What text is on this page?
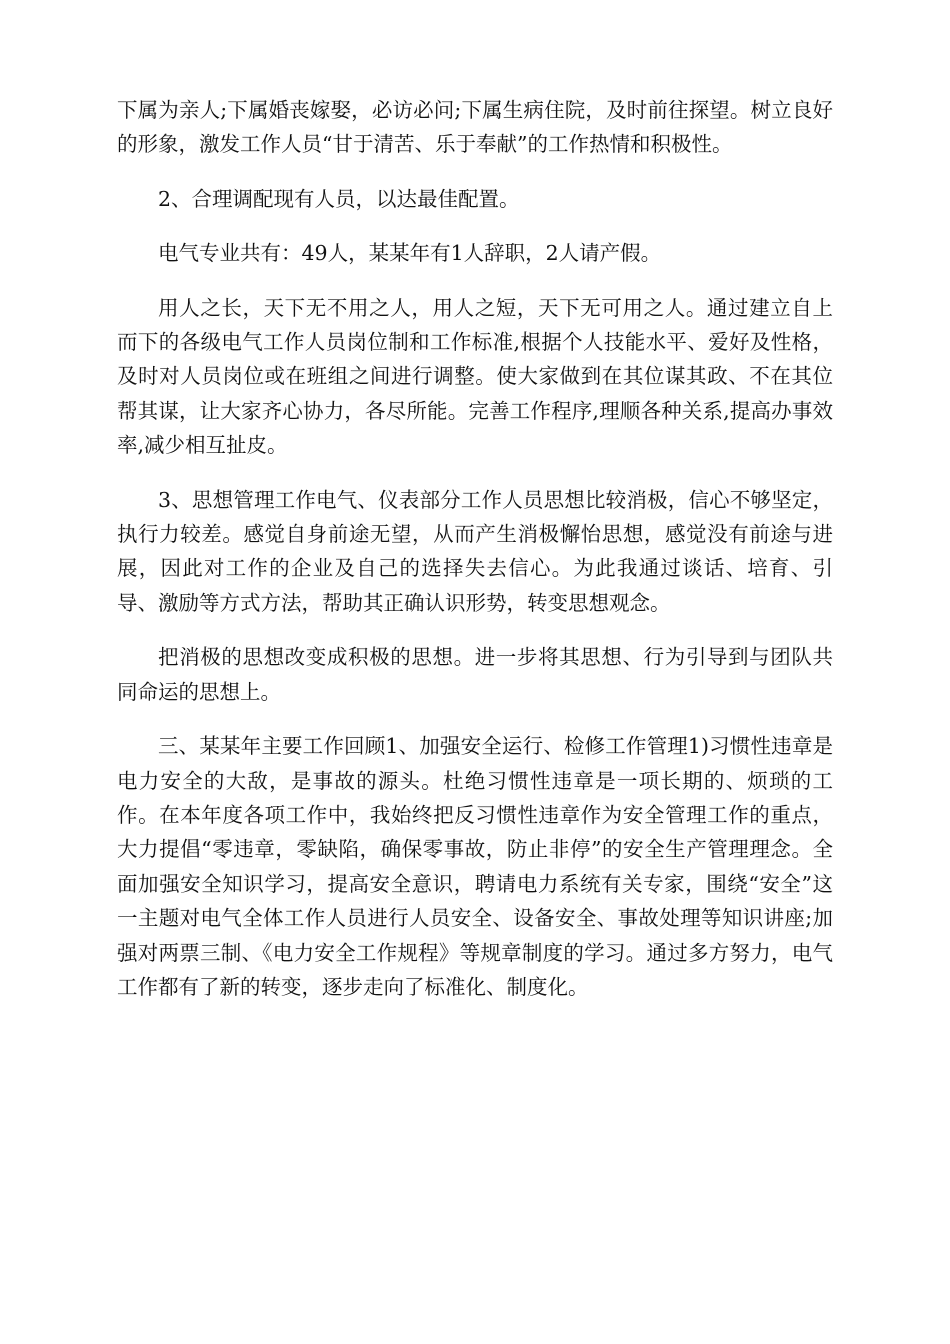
下属为亲人;下属婚丧嫁娶，必访必问;下属生病住院，及时前往探望。树立良好的形象，激发工作人员“甘于清苦、乐于奉献”的工作热情和积极性。

2、合理调配现有人员，以达最佳配置。

电气专业共有：49人，某某年有1人辞职，2人请产假。

用人之长，天下无不用之人，用人之短，天下无可用之人。通过建立自上而下的各级电气工作人员岗位制和工作标准,根据个人技能水平、爱好及性格，及时对人员岗位或在班组之间进行调整。使大家做到在其位谋其政、不在其位帮其谋，让大家齐心协力，各尽所能。完善工作程序,理顺各种关系,提高办事效率,减少相互扯皮。

3、思想管理工作电气、仪表部分工作人员思想比较消极，信心不够坚定，执行力较差。感觉自身前途无望，从而产生消极懈怡思想，感觉没有前途与进展，因此对工作的企业及自己的选择失去信心。为此我通过谈话、培育、引导、激励等方式方法，帮助其正确认识形势，转变思想观念。

把消极的思想改变成积极的思想。进一步将其思想、行为引导到与团队共同命运的思想上。

三、某某年主要工作回顾1、加强安全运行、检修工作管理1)习惯性违章是电力安全的大敌，是事故的源头。杜绝习惯性违章是一项长期的、烦琐的工作。在本年度各项工作中，我始终把反习惯性违章作为安全管理工作的重点，大力提倡“零违章，零缺陷，确保零事故，防止非停”的安全生产管理理念。全面加强安全知识学习，提高安全意识，聘请电力系统有关专家，围绕“安全”这一主题对电气全体工作人员进行人员安全、设备安全、事故处理等知识讲座;加强对两票三制、《电力安全工作规程》等规章制度的学习。通过多方努力，电气工作都有了新的转变，逐步走向了标准化、制度化。
